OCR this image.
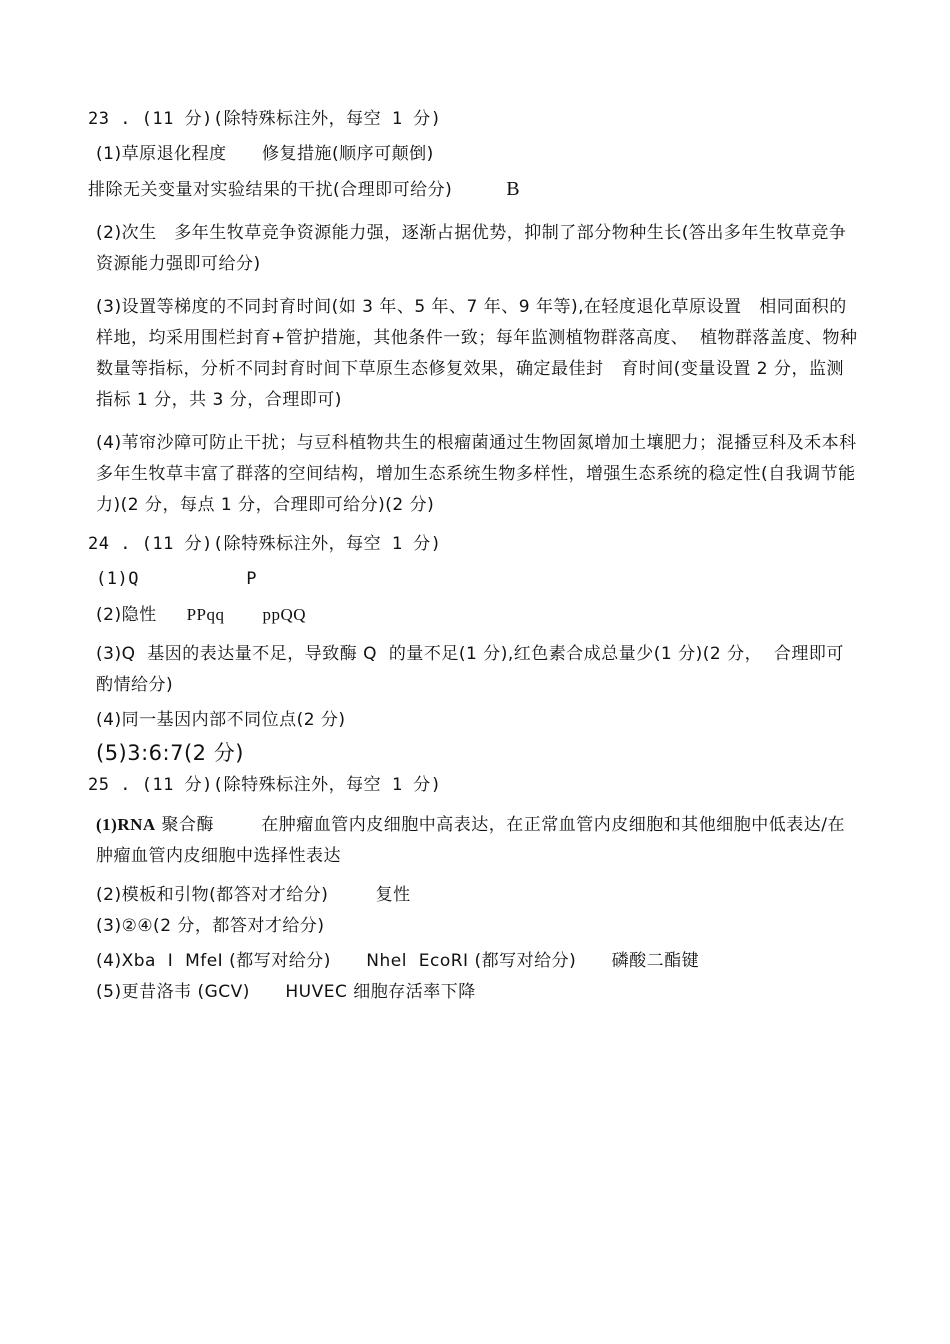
23 . (11 分)(除特殊标注外，每空 1 分)
(1)草原退化程度      修复措施(顺序可颠倒)
排除无关变量对实验结果的干扰(合理即可给分)	B
(2)次生   多年生牧草竞争资源能力强，逐渐占据优势，抑制了部分物种生长(答出多年生牧草竞争资源能力强即可给分)
(3)设置等梯度的不同封育时间(如 3 年、5 年、7 年、9 年等),在轻度退化草原设置   相同面积的样地，均采用围栏封育+管护措施，其他条件一致；每年监测植物群落高度、  植物群落盖度、物种数量等指标，分析不同封育时间下草原生态修复效果，确定最佳封   育时间(变量设置 2 分，监测指标 1 分，共 3 分，合理即可)
(4)苇帘沙障可防止干扰；与豆科植物共生的根瘤菌通过生物固氮增加土壤肥力；混播豆科及禾本科多年生牧草丰富了群落的空间结构，增加生态系统生物多样性，增强生态系统的稳定性(自我调节能力)(2 分，每点 1 分，合理即可给分)(2 分)
24 . (11 分)(除特殊标注外，每空 1 分)
(1)Q          P
(2)隐性 PPqq ppQQ
(3)Q  基因的表达量不足，导致酶 Q  的量不足(1 分),红色素合成总量少(1 分)(2 分，  合理即可酌情给分)
(4)同一基因内部不同位点(2 分)
(5)3:6:7(2 分)
25 . (11 分)(除特殊标注外，每空 1 分)
(1)RNA 聚合酶        在肿瘤血管内皮细胞中高表达，在正常血管内皮细胞和其他细胞中低表达/在肿瘤血管内皮细胞中选择性表达
(2)模板和引物(都答对才给分)        复性
(3)②④(2 分，都答对才给分)
(4)Xba  I  MfeI (都写对给分)      Nhel  EcoRI (都写对给分)      磷酸二酯键
(5)更昔洛韦 (GCV)      HUVEC 细胞存活率下降
